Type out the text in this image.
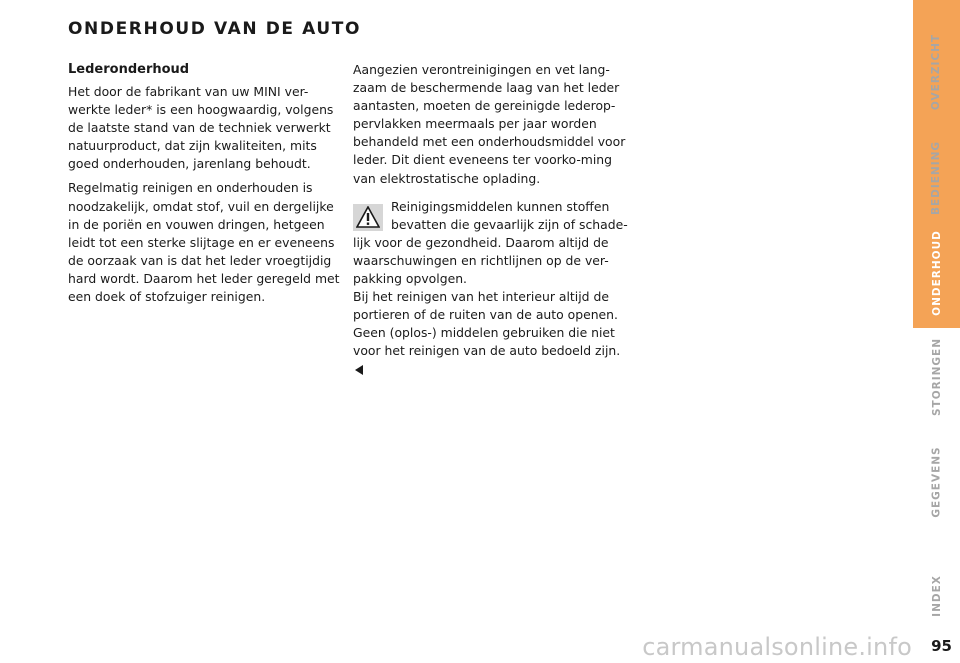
ONDERHOUD VAN DE AUTO
Lederonderhoud

Het door de fabrikant van uw MINI ver-werkte leder* is een hoogwaardig, volgens de laatste stand van de techniek verwerkt natuurproduct, dat zijn kwaliteiten, mits goed onderhouden, jarenlang behoudt.

Regelmatig reinigen en onderhouden is noodzakelijk, omdat stof, vuil en dergelijke in de poriën en vouwen dringen, hetgeen leidt tot een sterke slijtage en er eveneens de oorzaak van is dat het leder vroegtijdig hard wordt. Daarom het leder geregeld met een doek of stofzuiger reinigen.

Aangezien verontreinigingen en vet lang-zaam de beschermende laag van het leder aantasten, moeten de gereinigde lederop-pervlakken meermaals per jaar worden behandeld met een onderhoudsmiddel voor leder. Dit dient eveneens ter voorko-ming van elektrostatische oplading.

Reinigingsmiddelen kunnen stoffen bevatten die gevaarlijk zijn of schade-lijk voor de gezondheid. Daarom altijd de waarschuwingen en richtlijnen op de ver-pakking opvolgen.
Bij het reinigen van het interieur altijd de portieren of de ruiten van de auto openen. Geen (oplos-) middelen gebruiken die niet voor het reinigen van de auto bedoeld zijn.
OVERZICHT
BEDIENING
ONDERHOUD
STORINGEN
GEGEVENS
INDEX
carmanualsonline.info 95
